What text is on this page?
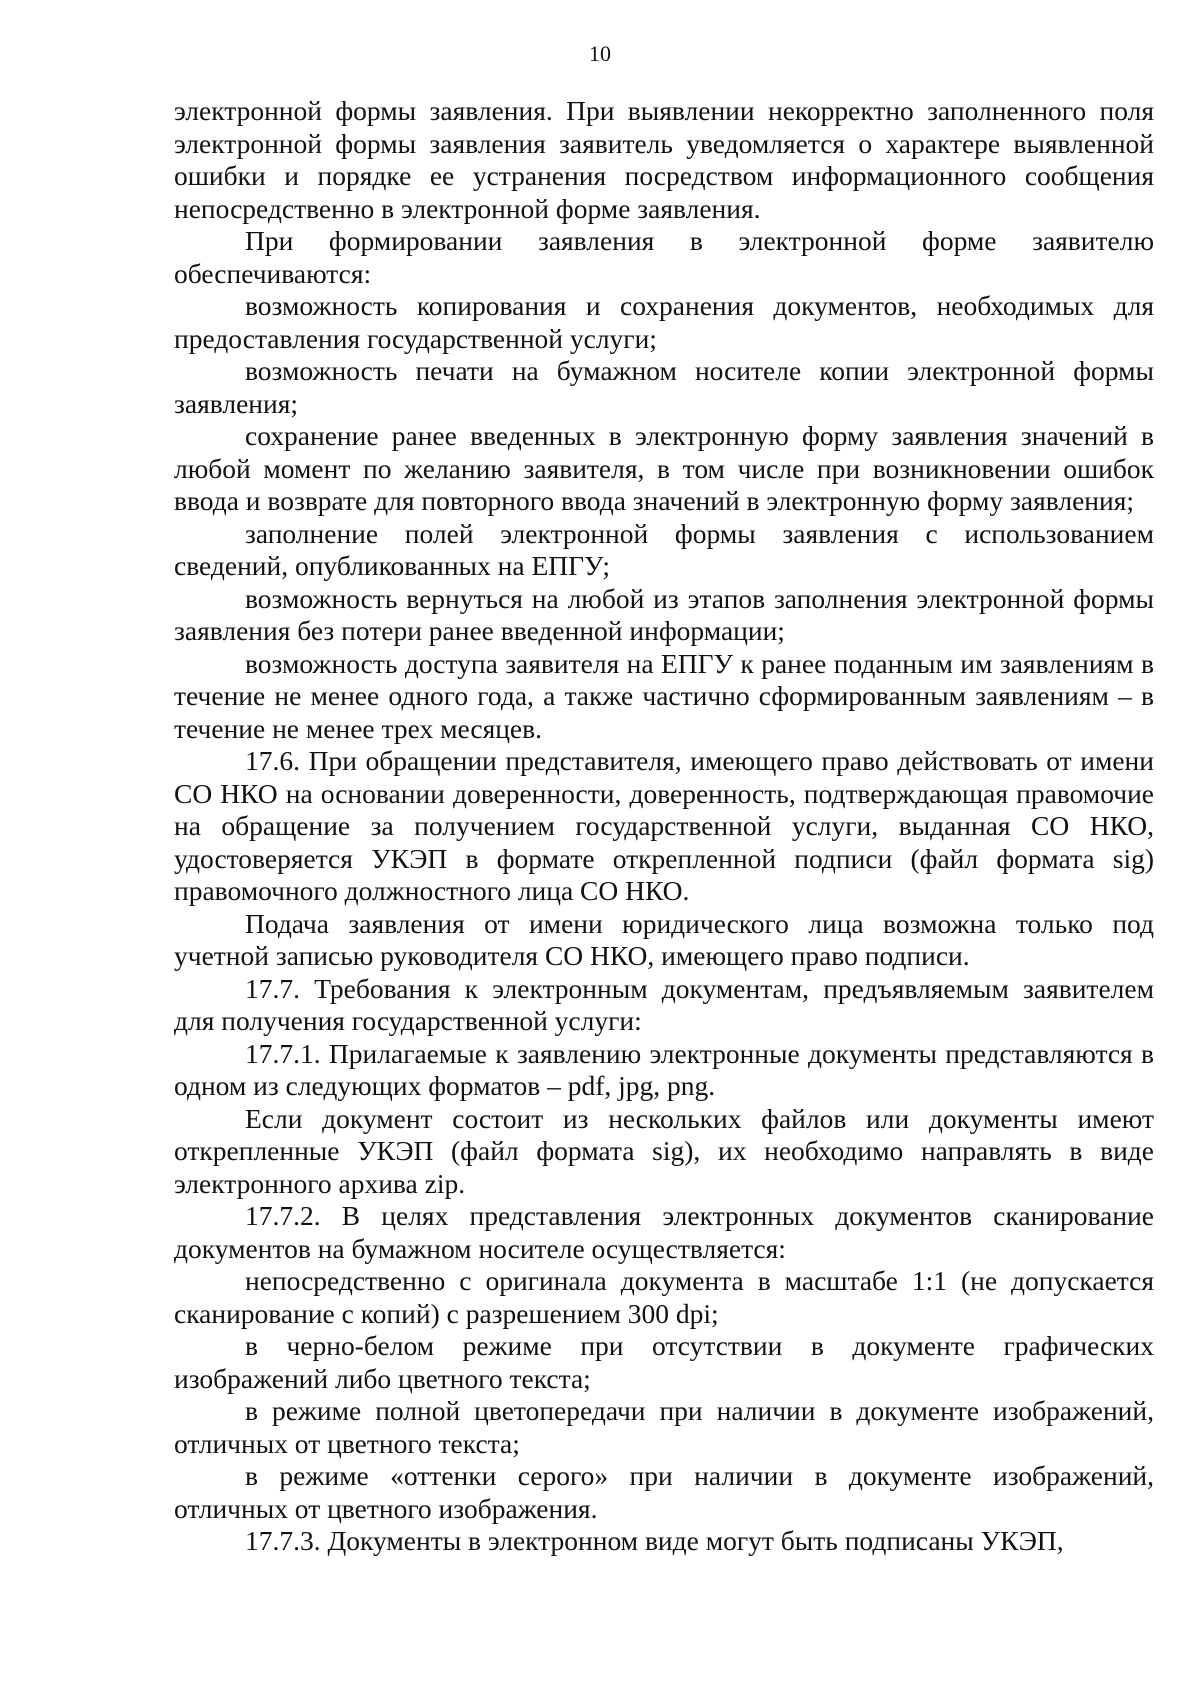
10

электронной формы заявления. При выявлении некорректно заполненного поля электронной формы заявления заявитель уведомляется о характере выявленной ошибки и порядке ее устранения посредством информационного сообщения непосредственно в электронной форме заявления.

При формировании заявления в электронной форме заявителю обеспечиваются:

возможность копирования и сохранения документов, необходимых для предоставления государственной услуги;

возможность печати на бумажном носителе копии электронной формы заявления;

сохранение ранее введенных в электронную форму заявления значений в любой момент по желанию заявителя, в том числе при возникновении ошибок ввода и возврате для повторного ввода значений в электронную форму заявления;

заполнение полей электронной формы заявления с использованием сведений, опубликованных на ЕПГУ;

возможность вернуться на любой из этапов заполнения электронной формы заявления без потери ранее введенной информации;

возможность доступа заявителя на ЕПГУ к ранее поданным им заявлениям в течение не менее одного года, а также частично сформированным заявлениям – в течение не менее трех месяцев.

17.6. При обращении представителя, имеющего право действовать от имени СО НКО на основании доверенности, доверенность, подтверждающая правомочие на обращение за получением государственной услуги, выданная СО НКО, удостоверяется УКЭП в формате открепленной подписи (файл формата sig) правомочного должностного лица СО НКО.

Подача заявления от имени юридического лица возможна только под учетной записью руководителя СО НКО, имеющего право подписи.

17.7. Требования к электронным документам, предъявляемым заявителем для получения государственной услуги:

17.7.1. Прилагаемые к заявлению электронные документы представляются в одном из следующих форматов – pdf, jpg, png.

Если документ состоит из нескольких файлов или документы имеют открепленные УКЭП (файл формата sig), их необходимо направлять в виде электронного архива zip.

17.7.2. В целях представления электронных документов сканирование документов на бумажном носителе осуществляется:

непосредственно с оригинала документа в масштабе 1:1 (не допускается сканирование с копий) с разрешением 300 dpi;

в черно-белом режиме при отсутствии в документе графических изображений либо цветного текста;

в режиме полной цветопередачи при наличии в документе изображений, отличных от цветного текста;

в режиме «оттенки серого» при наличии в документе изображений, отличных от цветного изображения.

17.7.3. Документы в электронном виде могут быть подписаны УКЭП,
